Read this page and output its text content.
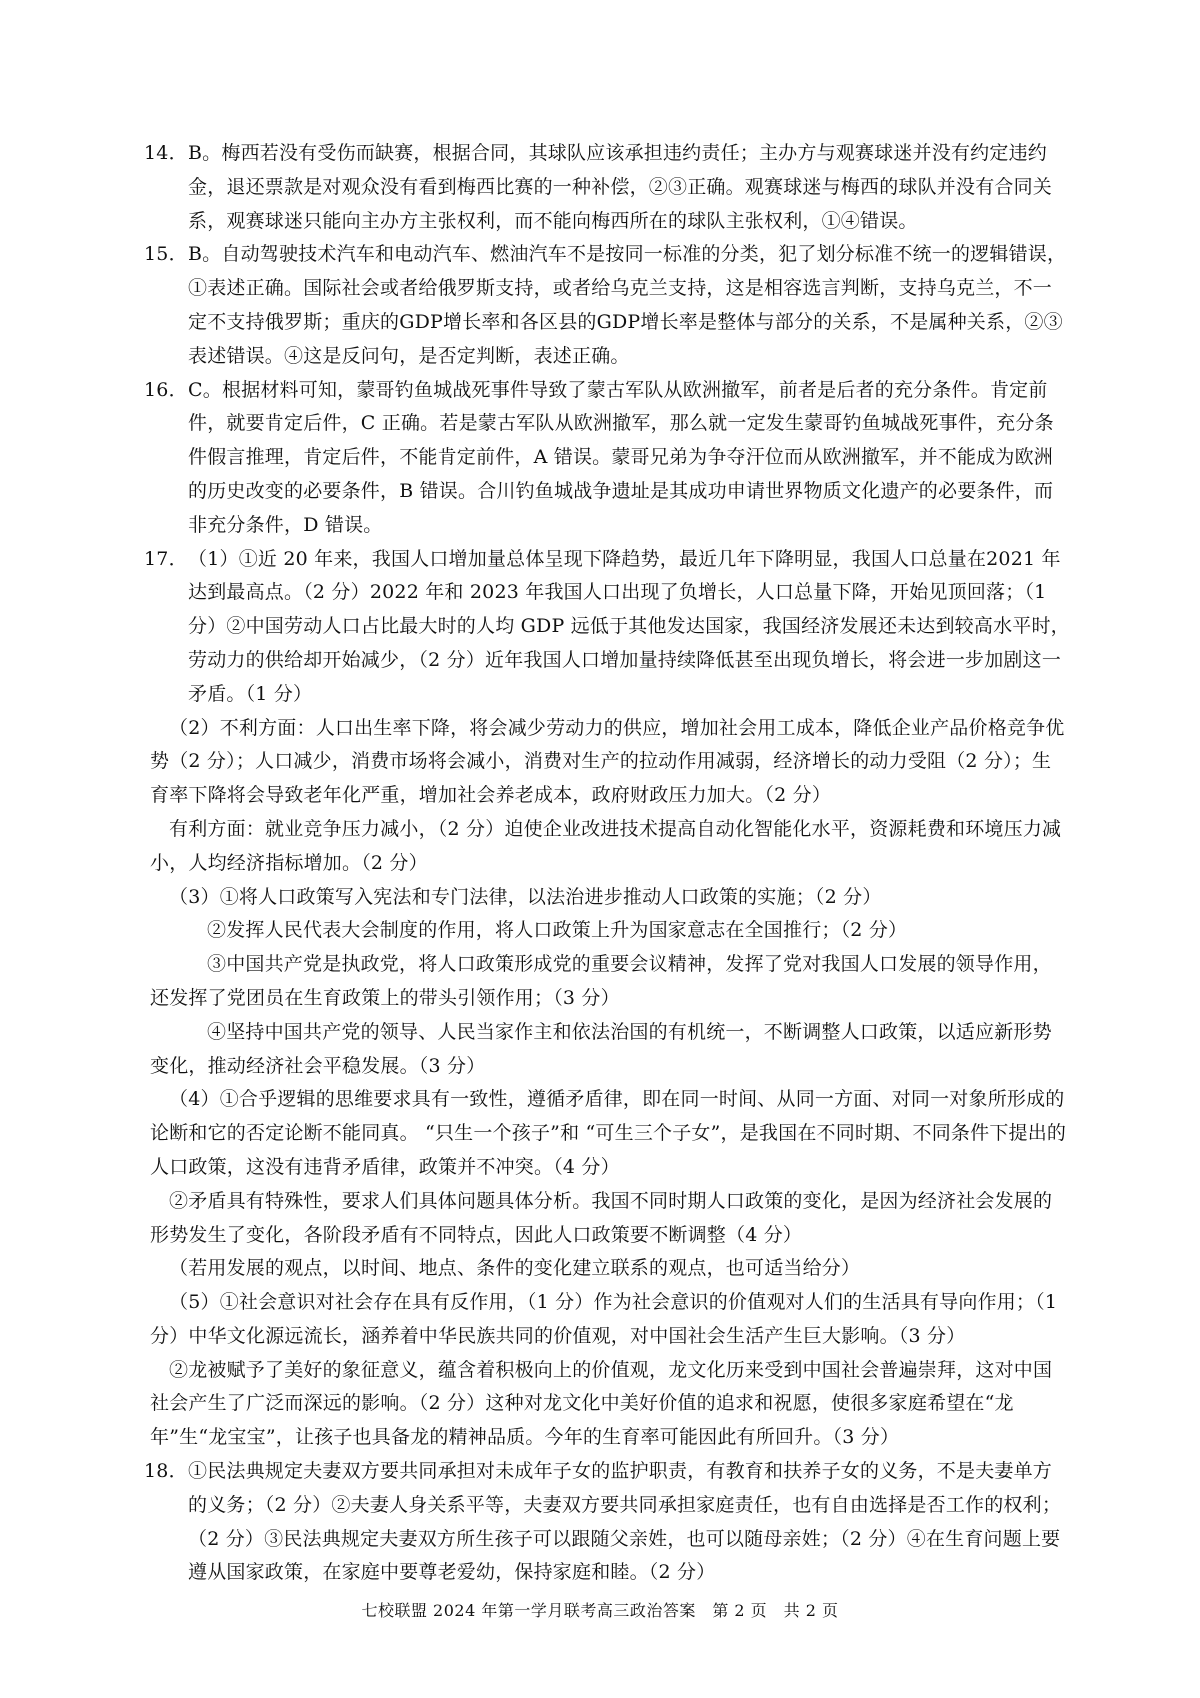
14． B。梅西若没有受伤而缺赛，根据合同，其球队应该承担违约责任；主办方与观赛球迷并没有约定违约金，退还票款是对观众没有看到梅西比赛的一种补偿，②③正确。观赛球迷与梅西的球队并没有合同关系，观赛球迷只能向主办方主张权利，而不能向梅西所在的球队主张权利，①④错误。

15． B。自动驾驶技术汽车和电动汽车、燃油汽车不是按同一标准的分类，犯了划分标准不统一的逻辑错误，①表述正确。国际社会或者给俄罗斯支持，或者给乌克兰支持，这是相容选言判断，支持乌克兰，不一定不支持俄罗斯；重庆的GDP增长率和各区县的GDP增长率是整体与部分的关系，不是属种关系，②③表述错误。④这是反问句，是否定判断，表述正确。

16． C。根据材料可知，蒙哥钓鱼城战死事件导致了蒙古军队从欧洲撤军，前者是后者的充分条件。肯定前件，就要肯定后件，C 正确。若是蒙古军队从欧洲撤军，那么就一定发生蒙哥钓鱼城战死事件，充分条件假言推理，肯定后件，不能肯定前件，A 错误。蒙哥兄弟为争夺汗位而从欧洲撤军，并不能成为欧洲的历史改变的必要条件，B 错误。合川钓鱼城战争遗址是其成功申请世界物质文化遗产的必要条件，而非充分条件，D 错误。

17． （1）①近 20 年来，我国人口增加量总体呈现下降趋势，最近几年下降明显，我国人口总量在2021 年达到最高点。（2 分）2022 年和 2023 年我国人口出现了负增长，人口总量下降，开始见顶回落；（1 分）②中国劳动人口占比最大时的人均 GDP 远低于其他发达国家，我国经济发展还未达到较高水平时，劳动力的供给却开始减少，（2 分）近年我国人口增加量持续降低甚至出现负增长，将会进一步加剧这一矛盾。（1 分）

（2）不利方面：人口出生率下降，将会减少劳动力的供应，增加社会用工成本，降低企业产品价格竞争优势（2 分）；人口减少，消费市场将会减小，消费对生产的拉动作用减弱，经济增长的动力受阻（2 分）；生育率下降将会导致老年化严重，增加社会养老成本，政府财政压力加大。（2 分）

有利方面：就业竞争压力减小，（2 分）迫使企业改进技术提高自动化智能化水平，资源耗费和环境压力减小，人均经济指标增加。（2 分）

（3）①将人口政策写入宪法和专门法律，以法治进步推动人口政策的实施；（2 分）

②发挥人民代表大会制度的作用，将人口政策上升为国家意志在全国推行；（2 分）

③中国共产党是执政党，将人口政策形成党的重要会议精神，发挥了党对我国人口发展的领导作用，还发挥了党团员在生育政策上的带头引领作用；（3 分）

④坚持中国共产党的领导、人民当家作主和依法治国的有机统一，不断调整人口政策，以适应新形势变化，推动经济社会平稳发展。（3 分）

（4）①合乎逻辑的思维要求具有一致性，遵循矛盾律，即在同一时间、从同一方面、对同一对象所形成的论断和它的否定论断不能同真。 “只生一个孩子”和 “可生三个子女”，是我国在不同时期、不同条件下提出的人口政策，这没有违背矛盾律，政策并不冲突。（4 分）

②矛盾具有特殊性，要求人们具体问题具体分析。我国不同时期人口政策的变化，是因为经济社会发展的形势发生了变化，各阶段矛盾有不同特点，因此人口政策要不断调整（4 分）

（若用发展的观点，以时间、地点、条件的变化建立联系的观点，也可适当给分）

（5）①社会意识对社会存在具有反作用，（1 分）作为社会意识的价值观对人们的生活具有导向作用；（1 分）中华文化源远流长，涵养着中华民族共同的价值观，对中国社会生活产生巨大影响。（3 分）

②龙被赋予了美好的象征意义，蕴含着积极向上的价值观，龙文化历来受到中国社会普遍崇拜，这对中国社会产生了广泛而深远的影响。（2 分）这种对龙文化中美好价值的追求和祝愿，使很多家庭希望在“龙年”生“龙宝宝”，让孩子也具备龙的精神品质。今年的生育率可能因此有所回升。（3 分）

18． ①民法典规定夫妻双方要共同承担对未成年子女的监护职责，有教育和扶养子女的义务，不是夫妻单方的义务；（2 分）②夫妻人身关系平等，夫妻双方要共同承担家庭责任，也有自由选择是否工作的权利；（2 分）③民法典规定夫妻双方所生孩子可以跟随父亲姓，也可以随母亲姓；（2 分）④在生育问题上要遵从国家政策，在家庭中要尊老爱幼，保持家庭和睦。（2 分）

七校联盟 2024 年第一学月联考高三政治答案　第 2 页　共 2 页
